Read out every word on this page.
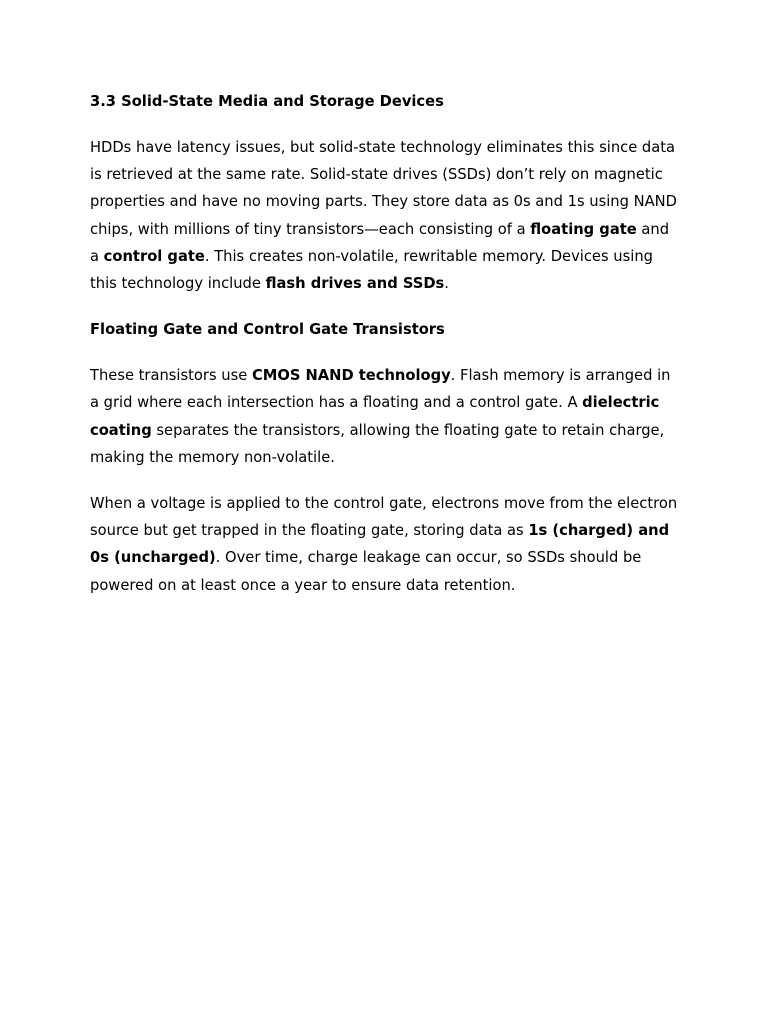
3.3 Solid-State Media and Storage Devices

HDDs have latency issues, but solid-state technology eliminates this since data is retrieved at the same rate. Solid-state drives (SSDs) don’t rely on magnetic properties and have no moving parts. They store data as 0s and 1s using NAND chips, with millions of tiny transistors—each consisting of a floating gate and a control gate. This creates non-volatile, rewritable memory. Devices using this technology include flash drives and SSDs.

Floating Gate and Control Gate Transistors

These transistors use CMOS NAND technology. Flash memory is arranged in a grid where each intersection has a floating and a control gate. A dielectric coating separates the transistors, allowing the floating gate to retain charge, making the memory non-volatile.

When a voltage is applied to the control gate, electrons move from the electron source but get trapped in the floating gate, storing data as 1s (charged) and 0s (uncharged). Over time, charge leakage can occur, so SSDs should be powered on at least once a year to ensure data retention.
